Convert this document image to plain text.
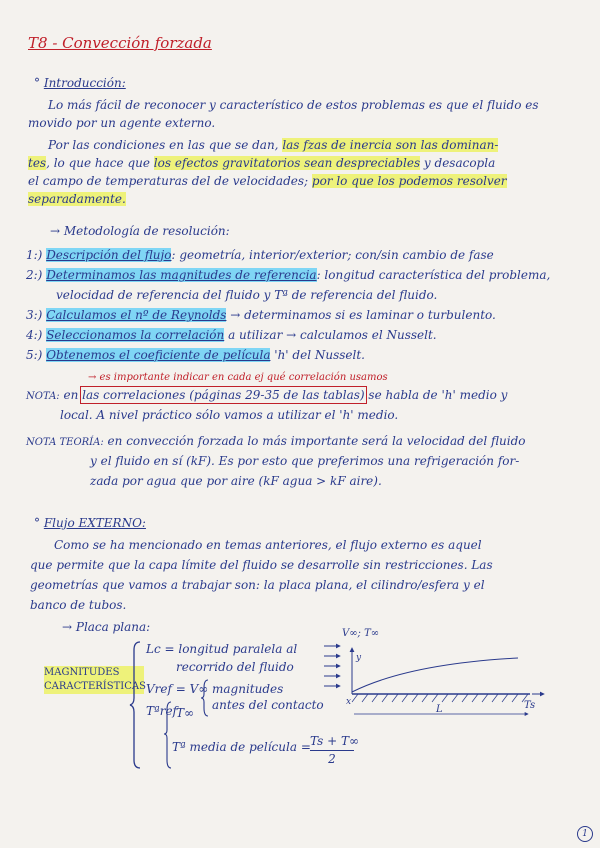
T8 - Convección forzada
° Introducción:
Lo más fácil de reconocer y característico de estos problemas es que el fluido es
movido por un agente externo.
Por las condiciones en las que se dan, las fzas de inercia son las dominan-
tes, lo que hace que los efectos gravitatorios sean despreciables y desacopla
el campo de temperaturas del de velocidades; por lo que los podemos resolver
separadamente.
→ Metodología de resolución:
1:) Descripción del flujo: geometría, interior/exterior; con/sin cambio de fase
2:) Determinamos las magnitudes de referencia: longitud característica del problema,
velocidad de referencia del fluido y Tª de referencia del fluido.
3:) Calculamos el nº de Reynolds → determinamos si es laminar o turbulento.
4:) Seleccionamos la correlación a utilizar → calculamos el Nusselt.
5:) Obtenemos el coeficiente de película 'h' del Nusselt.
→ es importante indicar en cada ej qué correlación usamos
NOTA: en las correlaciones (páginas 29-35 de las tablas) se habla de 'h' medio y
local. A nivel práctico sólo vamos a utilizar el 'h' medio.
NOTA TEORÍA: en convección forzada lo más importante será la velocidad del fluido
y el fluido en sí (kF). Es por esto que preferimos una refrigeración for-
zada por agua que por aire (kF agua > kF aire).
° Flujo EXTERNO:
Como se ha mencionado en temas anteriores, el flujo externo es aquel
que permite que la capa límite del fluido se desarrolle sin restricciones. Las
geometrías que vamos a trabajar son: la placa plana, el cilindro/esfera y el
banco de tubos.
→ Placa plana:
MAGNITUDES CARACTERÍSTICAS
Lc = longitud paralela al
recorrido del fluido
Vref = V∞ magnitudes
antes del contacto
Tªref T∞
Tª media de película = Ts + T∞
2
V∞; T∞
y
x	Ts
L
1
